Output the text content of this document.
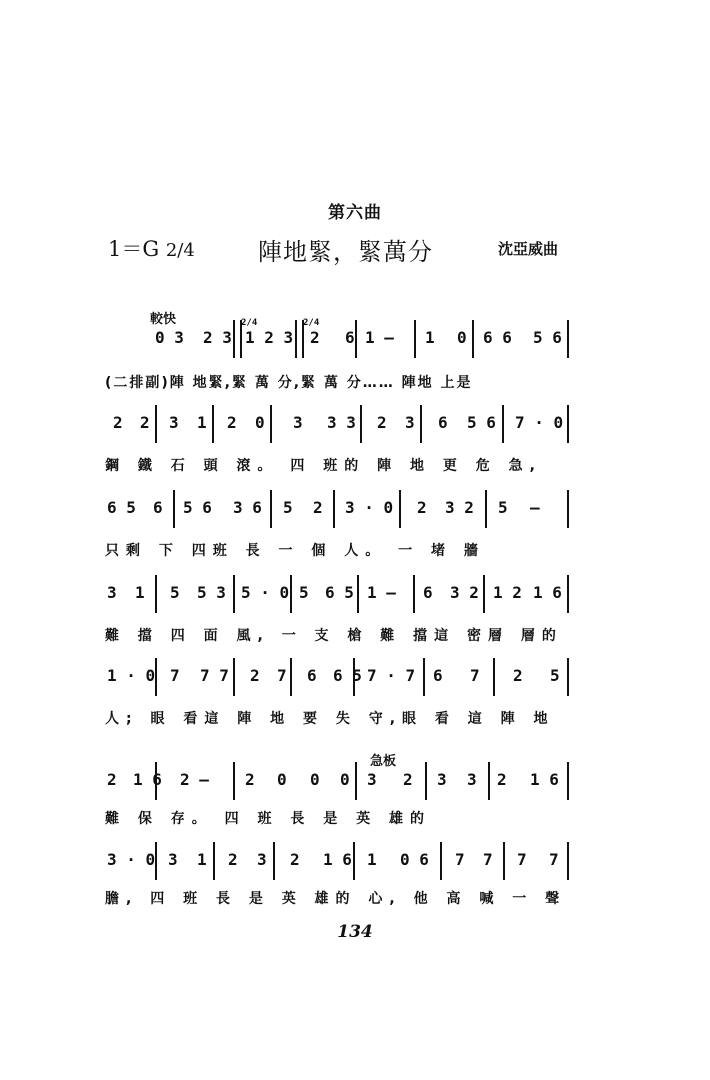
第六曲
1＝G 2/4	陣地緊，緊萬分	沈亞威曲
較快
急板
0 3 2 3
2/4
1 2 3
2/4
2 6 1 — 1 0 6 6 5 6
(二排副)陣 地緊,緊 萬 分,緊 萬 分…… 陣地 上是
2 2 3 1 2 0 3 3 3 2 3 6 5 6 7 · 0
鋼 鐵 石 頭 滾。 四 班的 陣 地 更 危 急,
6 5 6 5 6 3 6 5 2 3 · 0 2 3 2 5 —
只剩 下 四班 長 一 個 人。 一 堵 牆
3 1 5 5 3 5 · 0 5 6 5 1 — 6 3 2 1 2 1 6
難 擋 四 面 風, 一 支 槍 難 擋這 密層 層的
1 · 0 7 7 7 2 7 6 6 5 7 · 7 6 7 2 5
人; 眼 看這 陣 地 要 失 守,眼 看 這 陣 地
2 1 6 2 — 2 0 0 0 3 2 3 3 2 1 6
難 保 存。 四 班 長 是 英 雄的
3 · 0 3 1 2 3 2 1 6 1 0 6 7 7 7 7
膽, 四 班 長 是 英 雄的 心, 他 高 喊 一 聲
134
